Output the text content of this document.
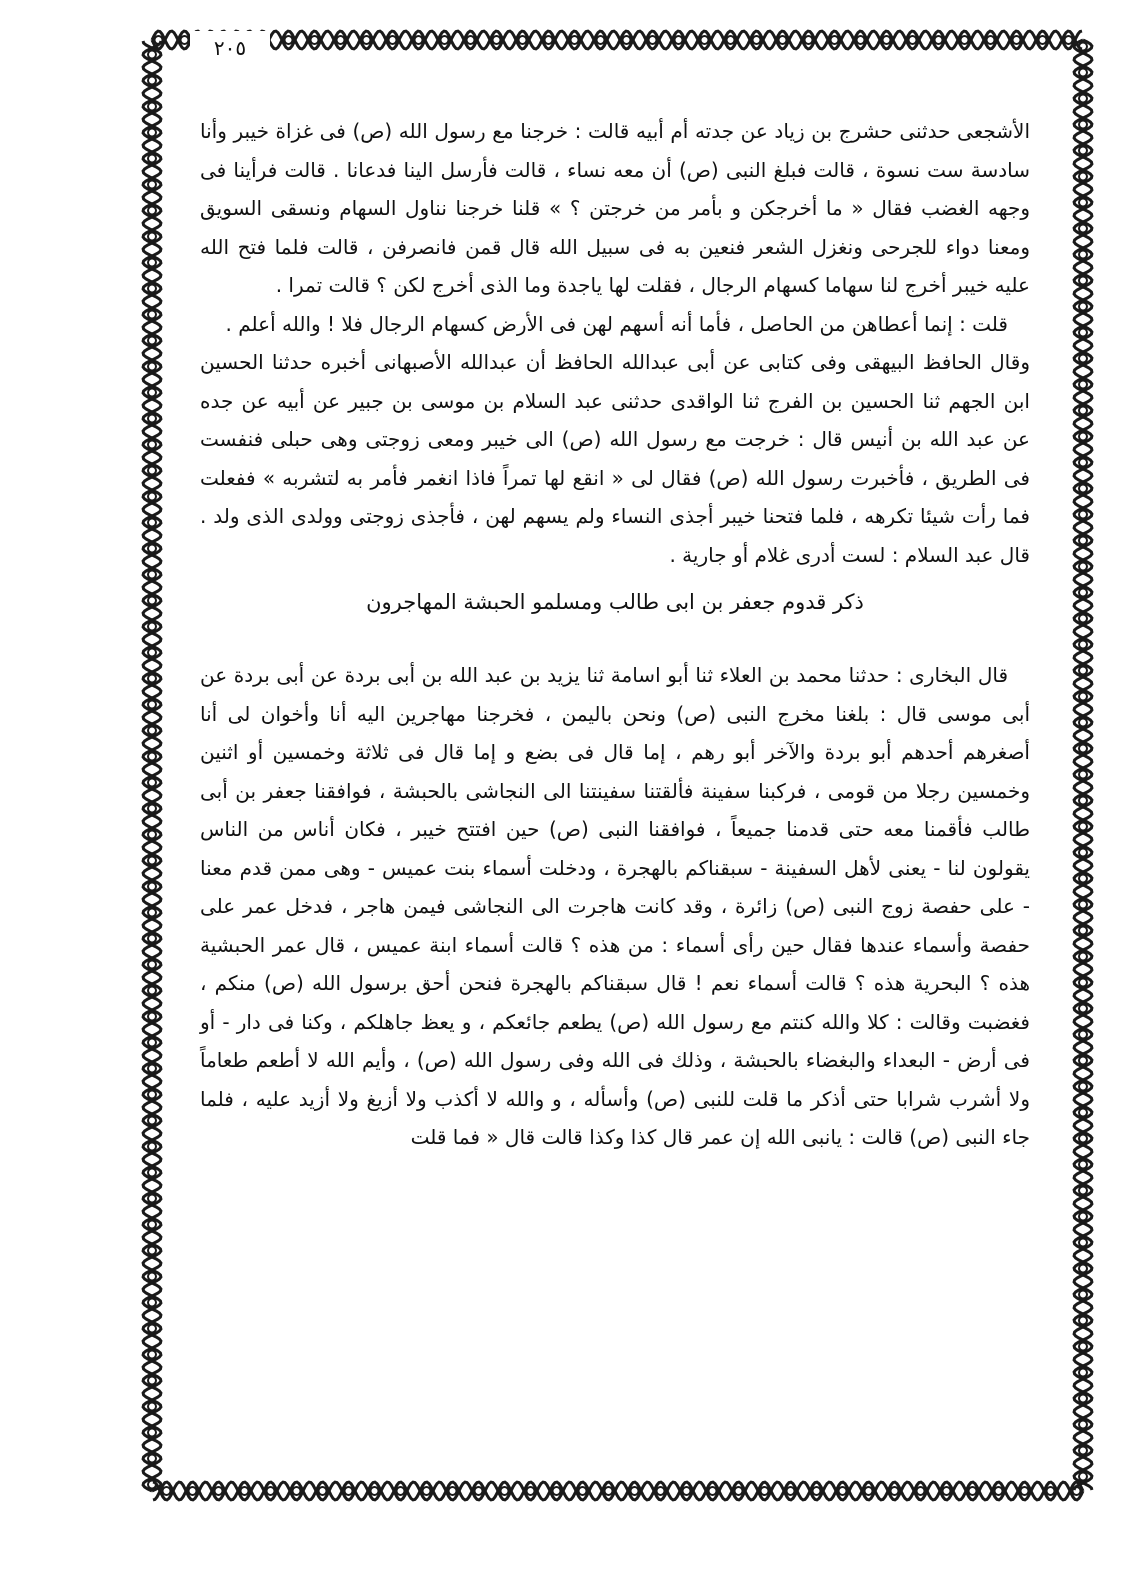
٢٠٥

الأشجعى حدثنى حشرج بن زياد عن جدته أم أبيه قالت : خرجنا مع رسول الله (ص) فى غزاة خيبر وأنا سادسة ست نسوة ، قالت فبلغ النبى (ص) أن معه نساء ، قالت فأرسل الينا فدعانا . قالت فرأينا فى وجهه الغضب فقال « ما أخرجكن و بأمر من خرجتن ؟ » قلنا خرجنا نناول السهام ونسقى السويق ومعنا دواء للجرحى ونغزل الشعر فنعين به فى سبيل الله قال قمن فانصرفن ، قالت فلما فتح الله عليه خيبر أخرج لنا سهاما كسهام الرجال ، فقلت لها ياجدة وما الذى أخرج لكن ؟ قالت تمرا .

قلت : إنما أعطاهن من الحاصل ، فأما أنه أسهم لهن فى الأرض كسهام الرجال فلا ! والله أعلم .

وقال الحافظ البيهقى وفى كتابى عن أبى عبدالله الحافظ أن عبدالله الأصبهانى أخبره حدثنا الحسين ابن الجهم ثنا الحسين بن الفرج ثنا الواقدى حدثنى عبد السلام بن موسى بن جبير عن أبيه عن جده عن عبد الله بن أنيس قال : خرجت مع رسول الله (ص) الى خيبر ومعى زوجتى وهى حبلى فنفست فى الطريق ، فأخبرت رسول الله (ص) فقال لى « انقع لها تمراً فاذا انغمر فأمر به لتشربه » ففعلت فما رأت شيئا تكرهه ، فلما فتحنا خيبر أجذى النساء ولم يسهم لهن ، فأجذى زوجتى وولدى الذى ولد . قال عبد السلام : لست أدرى غلام أو جارية .

ذكر قدوم جعفر بن ابى طالب ومسلمو الحبشة المهاجرون

قال البخارى : حدثنا محمد بن العلاء ثنا أبو اسامة ثنا يزيد بن عبد الله بن أبى بردة عن أبى بردة عن أبى موسى قال : بلغنا مخرج النبى (ص) ونحن باليمن ، فخرجنا مهاجرين اليه أنا وأخوان لى أنا أصغرهم أحدهم أبو بردة والآخر أبو رهم ، إما قال فى بضع و إما قال فى ثلاثة وخمسين أو اثنين وخمسين رجلا من قومى ، فركبنا سفينة فألقتنا سفينتنا الى النجاشى بالحبشة ، فوافقنا جعفر بن أبى طالب فأقمنا معه حتى قدمنا جميعاً ، فوافقنا النبى (ص) حين افتتح خيبر ، فكان أناس من الناس يقولون لنا - يعنى لأهل السفينة - سبقناكم بالهجرة ، ودخلت أسماء بنت عميس - وهى ممن قدم معنا - على حفصة زوج النبى (ص) زائرة ، وقد كانت هاجرت الى النجاشى فيمن هاجر ، فدخل عمر على حفصة وأسماء عندها فقال حين رأى أسماء : من هذه ؟ قالت أسماء ابنة عميس ، قال عمر الحبشية هذه ؟ البحرية هذه ؟ قالت أسماء نعم ! قال سبقناكم بالهجرة فنحن أحق برسول الله (ص) منكم ، فغضبت وقالت : كلا والله كنتم مع رسول الله (ص) يطعم جائعكم ، و يعظ جاهلكم ، وكنا فى دار - أو فى أرض - البعداء والبغضاء بالحبشة ، وذلك فى الله وفى رسول الله (ص) ، وأيم الله لا أطعم طعاماً ولا أشرب شرابا حتى أذكر ما قلت للنبى (ص) وأسأله ، و والله لا أكذب ولا أزيغ ولا أزيد عليه ، فلما جاء النبى (ص) قالت : يانبى الله إن عمر قال كذا وكذا قالت قال « فما قلت
